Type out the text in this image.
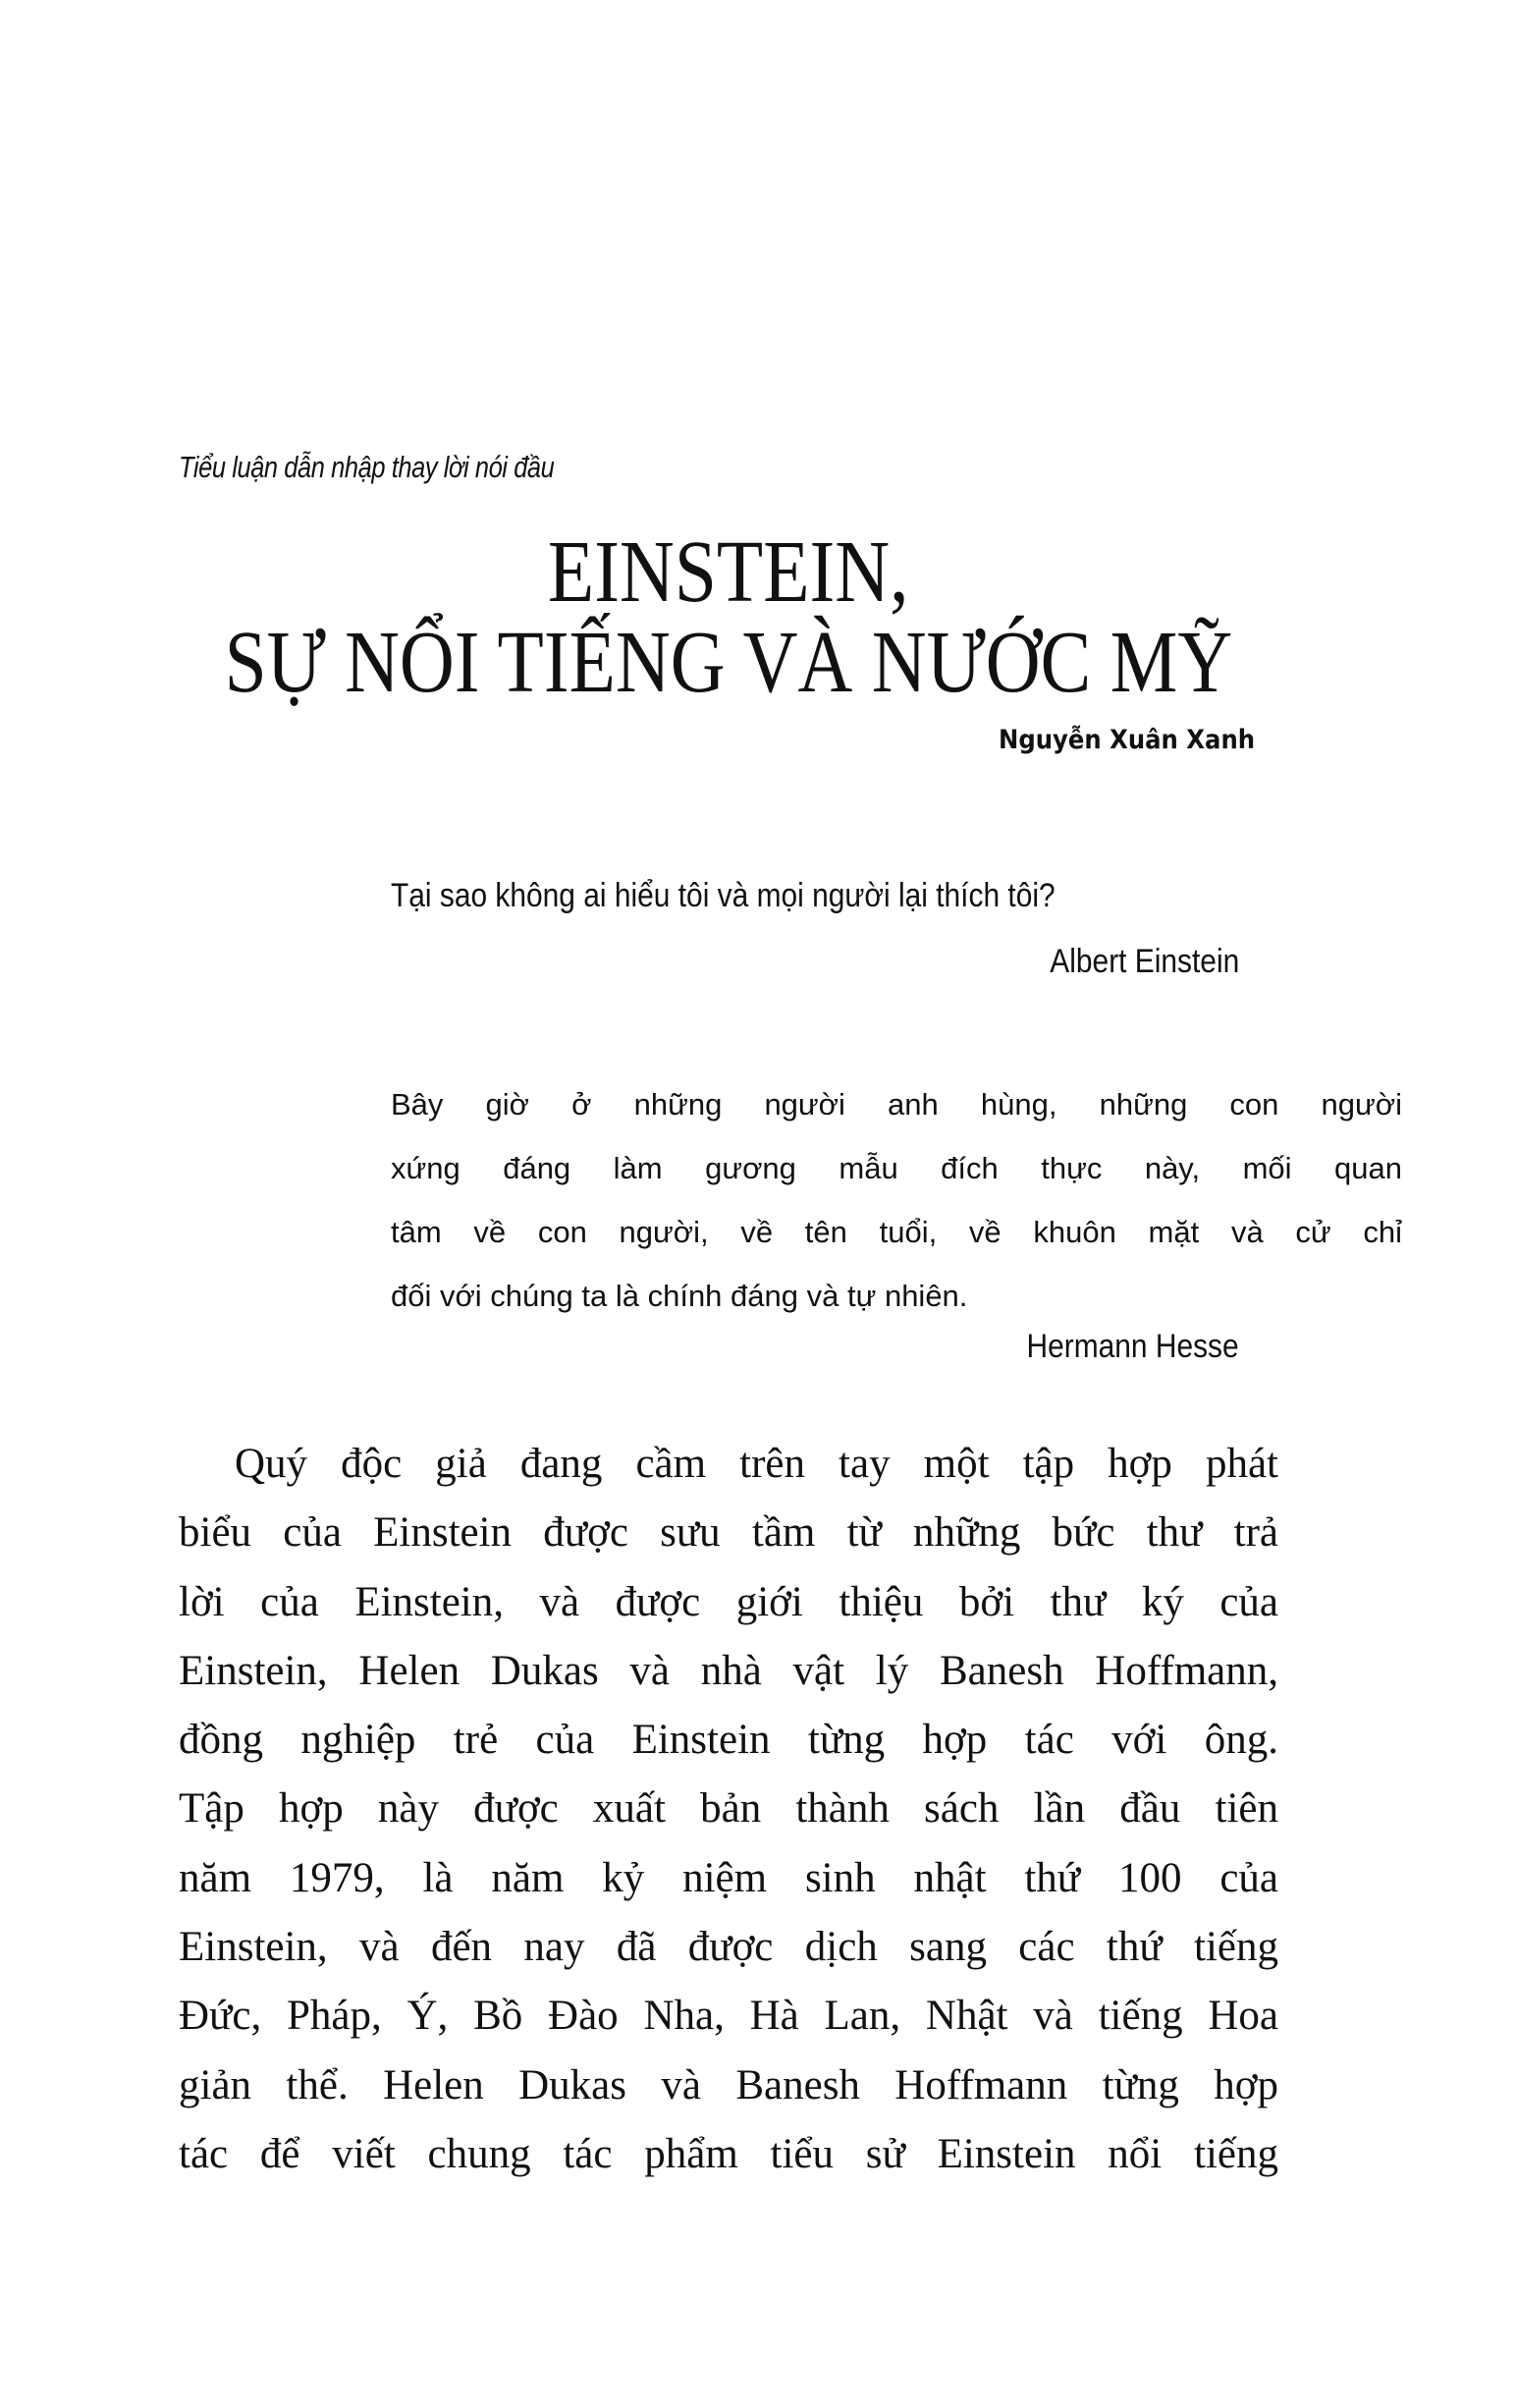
Tiểu luận dẫn nhập thay lời nói đầu
EINSTEIN,
SỰ NỔI TIẾNG VÀ NƯỚC MỸ
Nguyễn Xuân Xanh
Tại sao không ai hiểu tôi và mọi người lại thích tôi?
Albert Einstein
Bây giờ ở những người anh hùng, những con người
xứng đáng làm gương mẫu đích thực này, mối quan
tâm về con người, về tên tuổi, về khuôn mặt và cử chỉ
đối với chúng ta là chính đáng và tự nhiên.
Hermann Hesse
Quý độc giả đang cầm trên tay một tập hợp phát
biểu của Einstein được sưu tầm từ những bức thư trả
lời của Einstein, và được giới thiệu bởi thư ký của
Einstein, Helen Dukas và nhà vật lý Banesh Hoffmann,
đồng nghiệp trẻ của Einstein từng hợp tác với ông.
Tập hợp này được xuất bản thành sách lần đầu tiên
năm 1979, là năm kỷ niệm sinh nhật thứ 100 của
Einstein, và đến nay đã được dịch sang các thứ tiếng
Đức, Pháp, Ý, Bồ Đào Nha, Hà Lan, Nhật và tiếng Hoa
giản thể. Helen Dukas và Banesh Hoffmann từng hợp
tác để viết chung tác phẩm tiểu sử Einstein nổi tiếng
